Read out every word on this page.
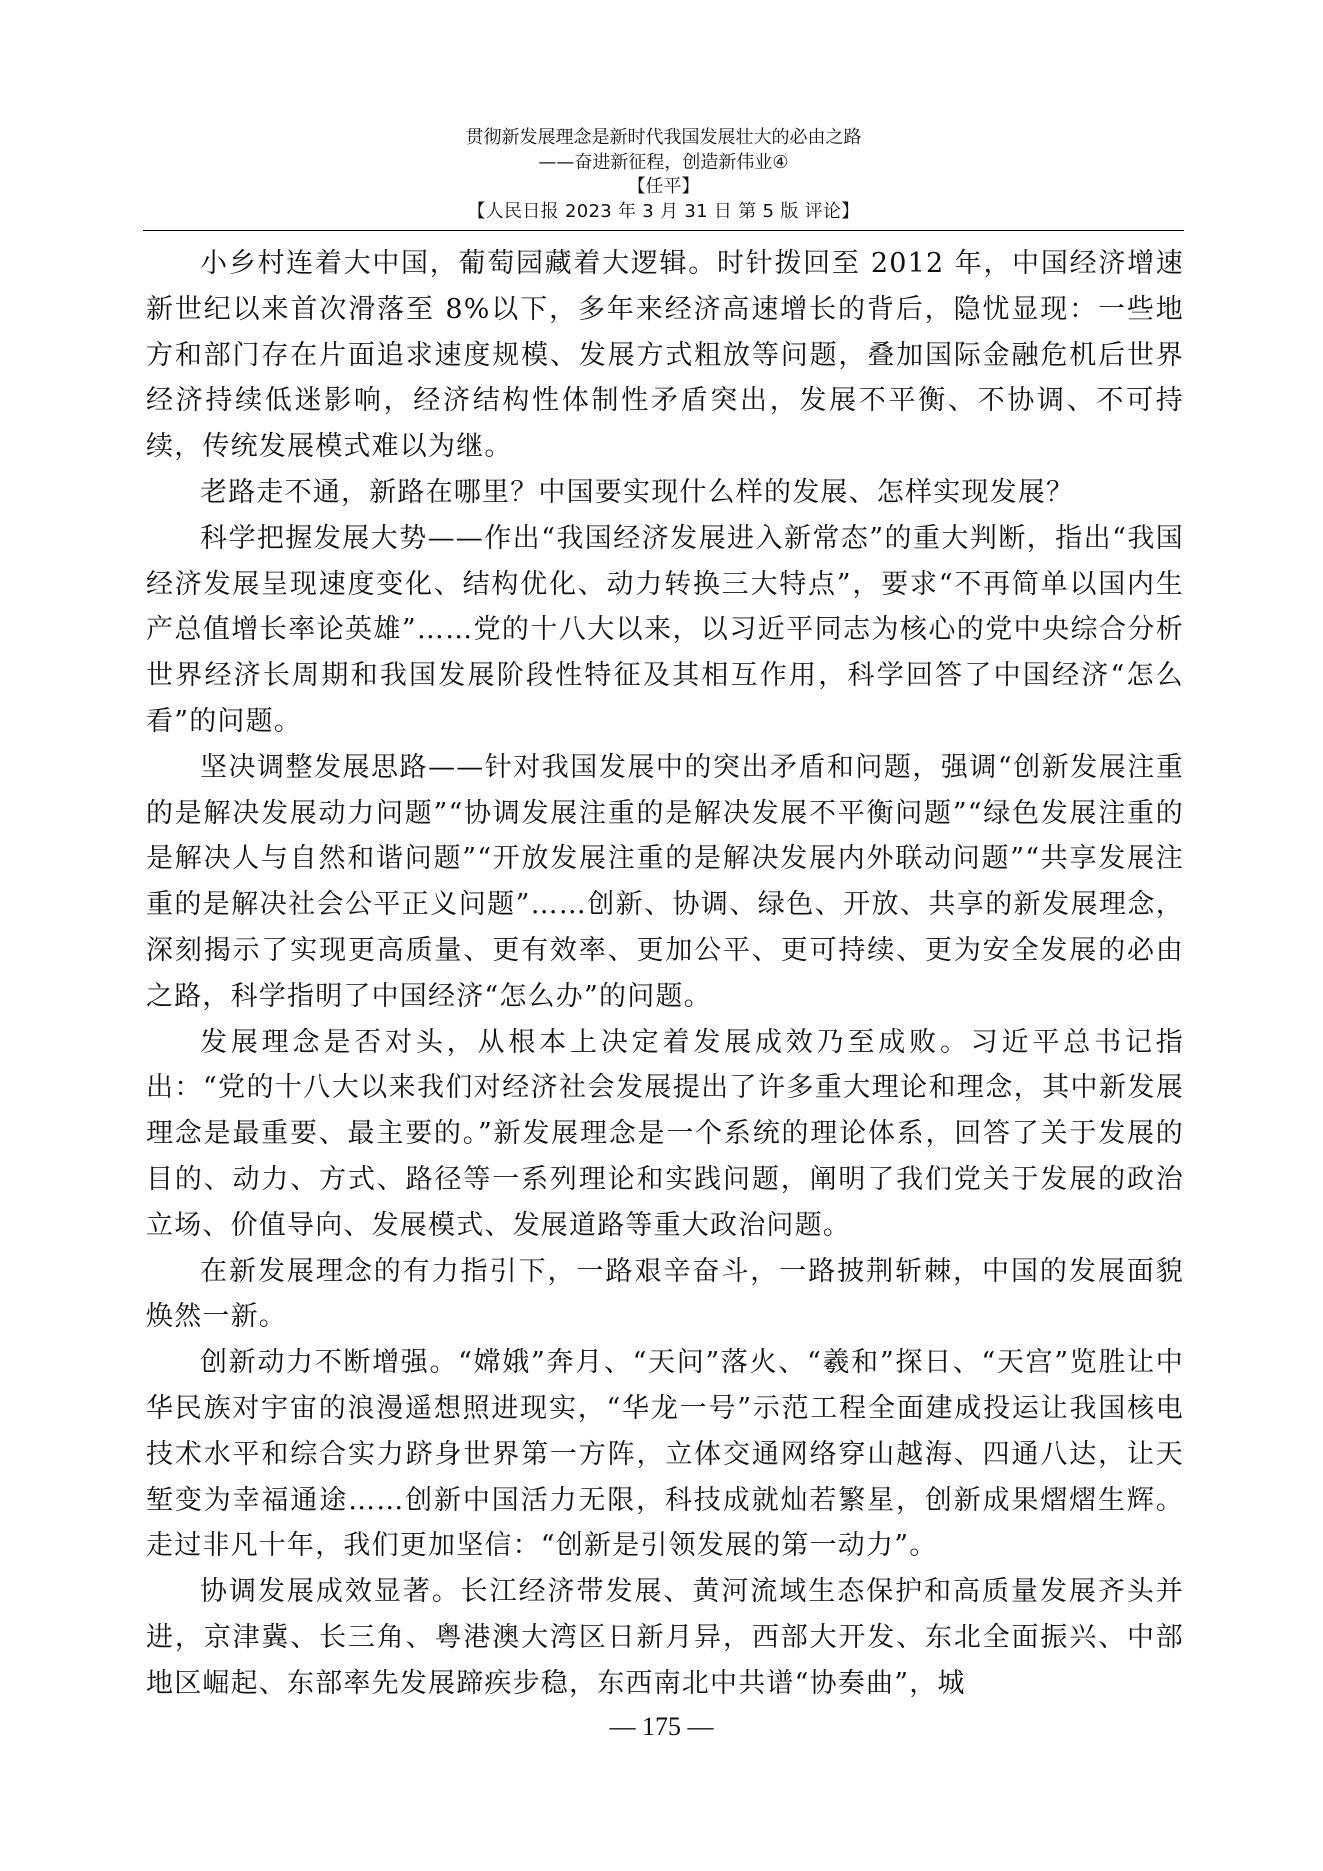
贯彻新发展理念是新时代我国发展壮大的必由之路
——奋进新征程，创造新伟业④
【任平】
【人民日报 2023 年 3 月 31 日 第 5 版 评论】

小乡村连着大中国，葡萄园藏着大逻辑。时针拨回至 2012 年，中国经济增速新世纪以来首次滑落至 8%以下，多年来经济高速增长的背后，隐忧显现：一些地方和部门存在片面追求速度规模、发展方式粗放等问题，叠加国际金融危机后世界经济持续低迷影响，经济结构性体制性矛盾突出，发展不平衡、不协调、不可持续，传统发展模式难以为继。

老路走不通，新路在哪里？中国要实现什么样的发展、怎样实现发展？

科学把握发展大势——作出“我国经济发展进入新常态”的重大判断，指出“我国经济发展呈现速度变化、结构优化、动力转换三大特点”，要求“不再简单以国内生产总值增长率论英雄”……党的十八大以来，以习近平同志为核心的党中央综合分析世界经济长周期和我国发展阶段性特征及其相互作用，科学回答了中国经济“怎么看”的问题。

坚决调整发展思路——针对我国发展中的突出矛盾和问题，强调“创新发展注重的是解决发展动力问题”“协调发展注重的是解决发展不平衡问题”“绿色发展注重的是解决人与自然和谐问题”“开放发展注重的是解决发展内外联动问题”“共享发展注重的是解决社会公平正义问题”……创新、协调、绿色、开放、共享的新发展理念，深刻揭示了实现更高质量、更有效率、更加公平、更可持续、更为安全发展的必由之路，科学指明了中国经济“怎么办”的问题。

发展理念是否对头，从根本上决定着发展成效乃至成败。习近平总书记指出：“党的十八大以来我们对经济社会发展提出了许多重大理论和理念，其中新发展理念是最重要、最主要的。”新发展理念是一个系统的理论体系，回答了关于发展的目的、动力、方式、路径等一系列理论和实践问题，阐明了我们党关于发展的政治立场、价值导向、发展模式、发展道路等重大政治问题。

在新发展理念的有力指引下，一路艰辛奋斗，一路披荆斩棘，中国的发展面貌焕然一新。

创新动力不断增强。“嫦娥”奔月、“天问”落火、“羲和”探日、“天宫”览胜让中华民族对宇宙的浪漫遥想照进现实，“华龙一号”示范工程全面建成投运让我国核电技术水平和综合实力跻身世界第一方阵，立体交通网络穿山越海、四通八达，让天堑变为幸福通途……创新中国活力无限，科技成就灿若繁星，创新成果熠熠生辉。走过非凡十年，我们更加坚信：“创新是引领发展的第一动力”。

协调发展成效显著。长江经济带发展、黄河流域生态保护和高质量发展齐头并进，京津冀、长三角、粤港澳大湾区日新月异，西部大开发、东北全面振兴、中部地区崛起、东部率先发展蹄疾步稳，东西南北中共谱“协奏曲”，城

— 175 —
